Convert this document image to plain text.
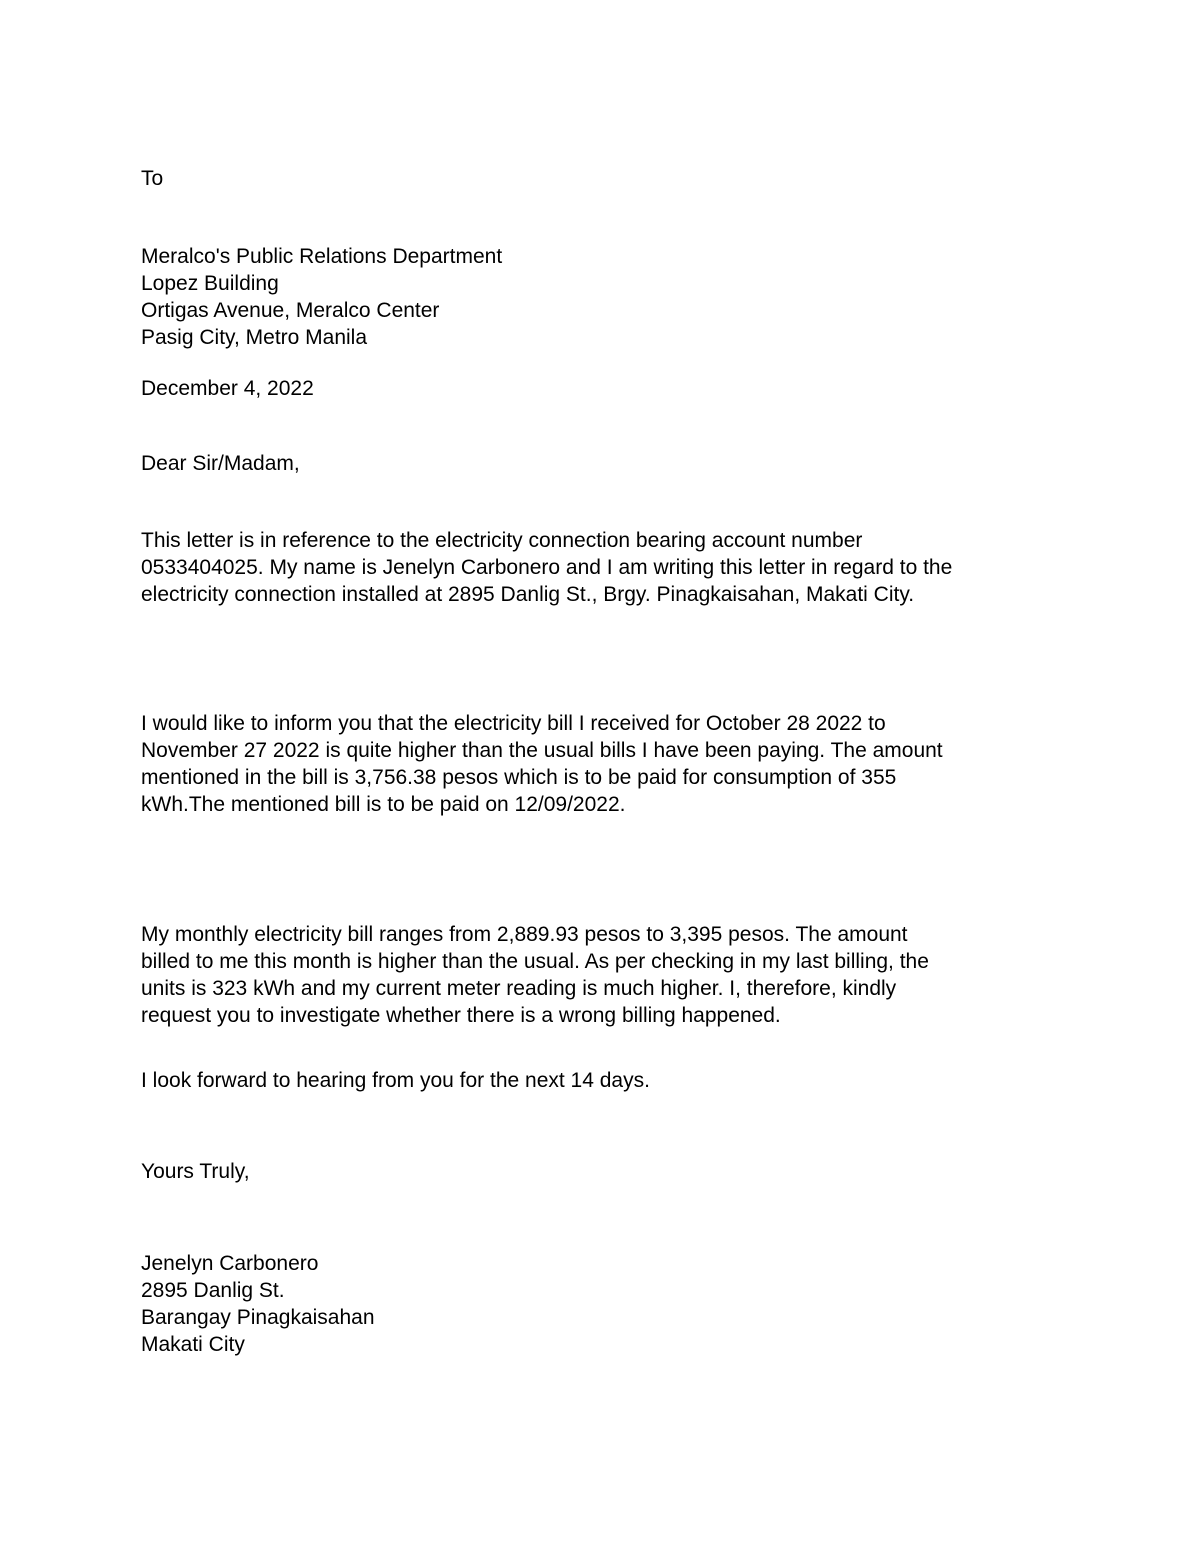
To

Meralco's Public Relations Department
Lopez Building
Ortigas Avenue, Meralco Center
Pasig City, Metro Manila

December 4, 2022

Dear Sir/Madam,

This letter is in reference to the electricity connection bearing account number
0533404025. My name is Jenelyn Carbonero and I am writing this letter in regard to the
electricity connection installed at 2895 Danlig St., Brgy. Pinagkaisahan, Makati City.
I would like to inform you that the electricity bill I received for October 28 2022 to
November 27 2022 is quite higher than the usual bills I have been paying. The amount
mentioned in the bill is 3,756.38 pesos which is to be paid for consumption of 355
kWh.The mentioned bill is to be paid on 12/09/2022.
My monthly electricity bill ranges from 2,889.93 pesos to 3,395 pesos. The amount
billed to me this month is higher than the usual. As per checking in my last billing, the
units is 323 kWh and my current meter reading is much higher. I, therefore, kindly
request you to investigate whether there is a wrong billing happened.

I look forward to hearing from you for the next 14 days.

Yours Truly,

Jenelyn Carbonero
2895 Danlig St.
Barangay Pinagkaisahan
Makati City
